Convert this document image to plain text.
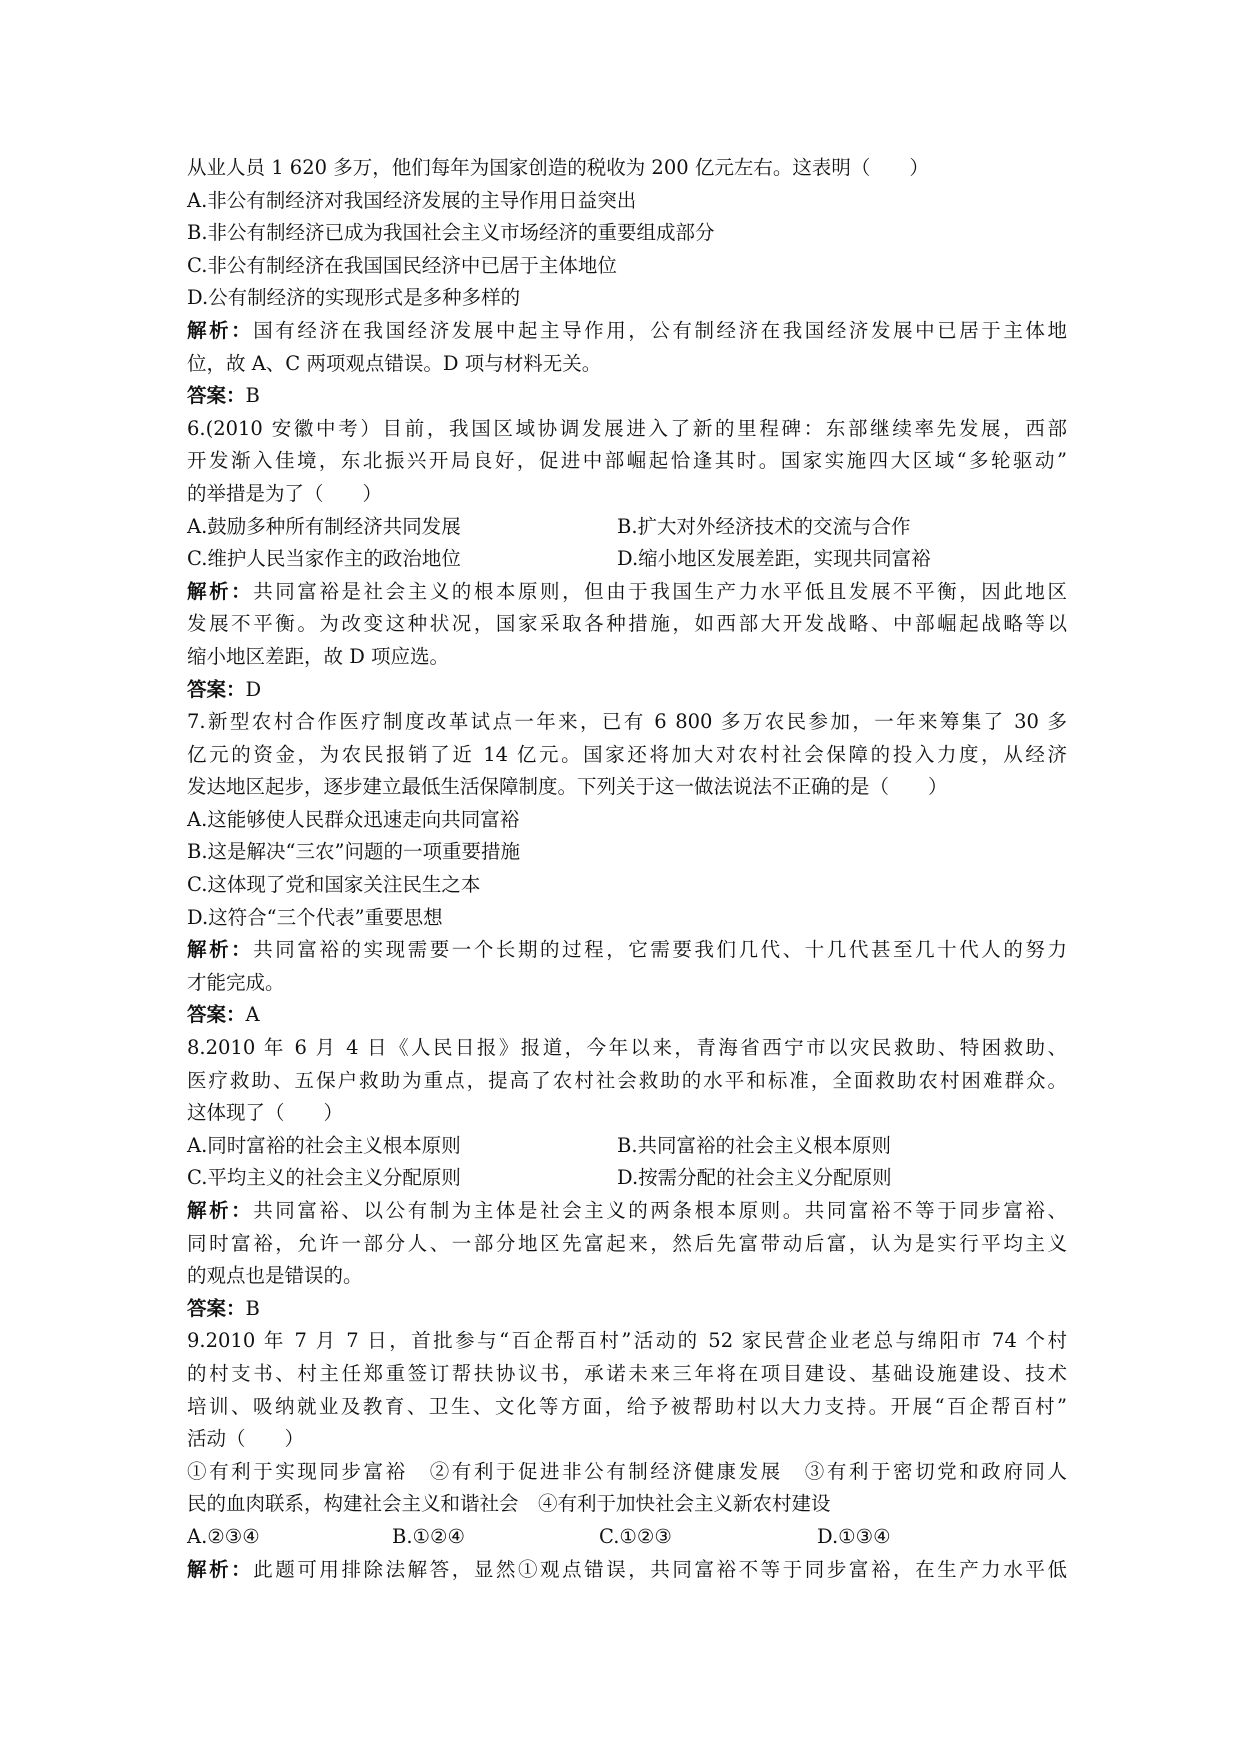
从业人员 1 620 多万，他们每年为国家创造的税收为 200 亿元左右。这表明（　　）
A.非公有制经济对我国经济发展的主导作用日益突出
B.非公有制经济已成为我国社会主义市场经济的重要组成部分
C.非公有制经济在我国国民经济中已居于主体地位
D.公有制经济的实现形式是多种多样的
解析：国有经济在我国经济发展中起主导作用，公有制经济在我国经济发展中已居于主体地
位，故 A、C 两项观点错误。D 项与材料无关。
答案：B
6.(2010 安徽中考）目前，我国区域协调发展进入了新的里程碑：东部继续率先发展，西部
开发渐入佳境，东北振兴开局良好，促进中部崛起恰逢其时。国家实施四大区域“多轮驱动”
的举措是为了（　　）
A.鼓励多种所有制经济共同发展	B.扩大对外经济技术的交流与合作
C.维护人民当家作主的政治地位	D.缩小地区发展差距，实现共同富裕
解析：共同富裕是社会主义的根本原则，但由于我国生产力水平低且发展不平衡，因此地区
发展不平衡。为改变这种状况，国家采取各种措施，如西部大开发战略、中部崛起战略等以
缩小地区差距，故 D 项应选。
答案：D
7.新型农村合作医疗制度改革试点一年来，已有 6 800 多万农民参加，一年来筹集了 30 多
亿元的资金，为农民报销了近 14 亿元。国家还将加大对农村社会保障的投入力度，从经济
发达地区起步，逐步建立最低生活保障制度。下列关于这一做法说法不正确的是（　　）
A.这能够使人民群众迅速走向共同富裕
B.这是解决“三农”问题的一项重要措施
C.这体现了党和国家关注民生之本
D.这符合“三个代表”重要思想
解析：共同富裕的实现需要一个长期的过程，它需要我们几代、十几代甚至几十代人的努力
才能完成。
答案：A
8.2010 年 6 月 4 日《人民日报》报道，今年以来，青海省西宁市以灾民救助、特困救助、
医疗救助、五保户救助为重点，提高了农村社会救助的水平和标准，全面救助农村困难群众。
这体现了（　　）
A.同时富裕的社会主义根本原则	B.共同富裕的社会主义根本原则
C.平均主义的社会主义分配原则	D.按需分配的社会主义分配原则
解析：共同富裕、以公有制为主体是社会主义的两条根本原则。共同富裕不等于同步富裕、
同时富裕，允许一部分人、一部分地区先富起来，然后先富带动后富，认为是实行平均主义
的观点也是错误的。
答案：B
9.2010 年 7 月 7 日，首批参与“百企帮百村”活动的 52 家民营企业老总与绵阳市 74 个村
的村支书、村主任郑重签订帮扶协议书，承诺未来三年将在项目建设、基础设施建设、技术
培训、吸纳就业及教育、卫生、文化等方面，给予被帮助村以大力支持。开展“百企帮百村”
活动（　　）
①有利于实现同步富裕　②有利于促进非公有制经济健康发展　③有利于密切党和政府同人
民的血肉联系，构建社会主义和谐社会　④有利于加快社会主义新农村建设
A.②③④	B.①②④	C.①②③	D.①③④
解析：此题可用排除法解答，显然①观点错误，共同富裕不等于同步富裕，在生产力水平低
